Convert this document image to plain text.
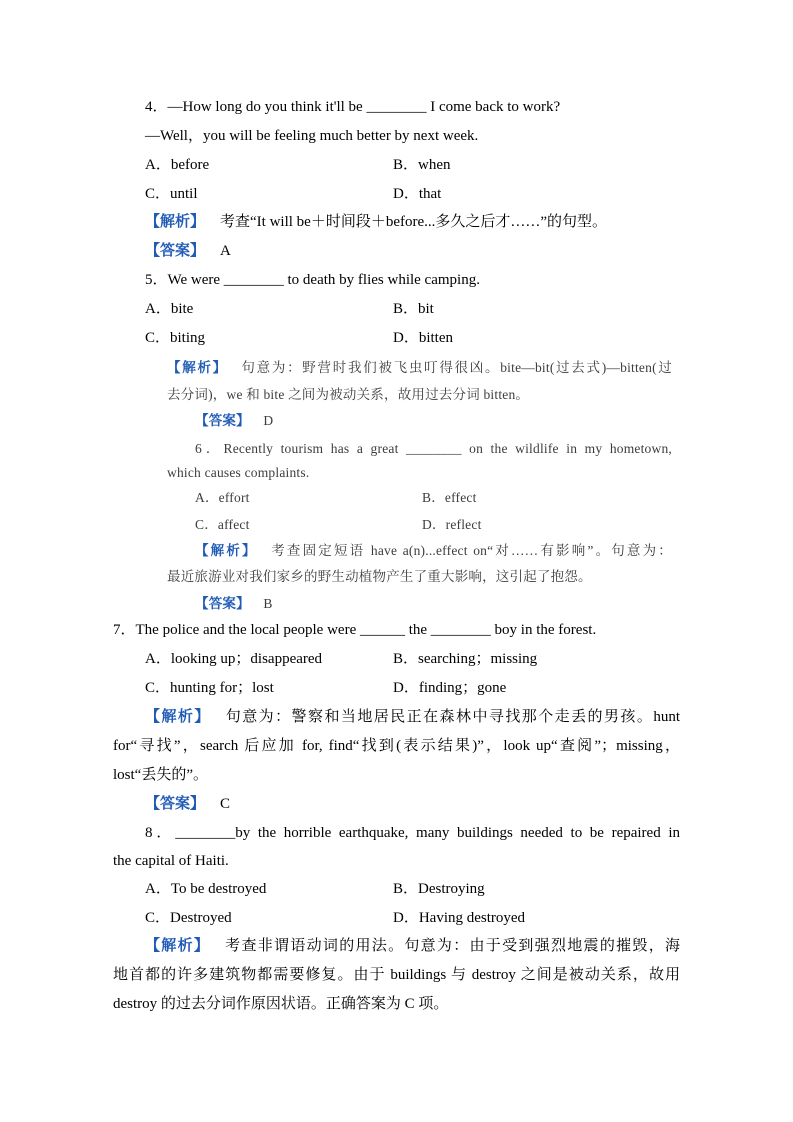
4．—How long do you think it'll be ________ I come back to work?
—Well，you will be feeling much better by next week.
A．before	B．when
C．until	D．that
【解析】 考查“It will be＋时间段＋before...多久之后才……”的句型。
【答案】 A
5．We were ________ to death by flies while camping.
A．bite	B．bit
C．biting	D．bitten
【解析】 句意为：野营时我们被飞虫叮得很凶。bite—bit(过去式)—bitten(过
去分词)，we 和 bite 之间为被动关系，故用过去分词 bitten。
【答案】 D
6．Recently tourism has a great ________ on the wildlife in my hometown,
which causes complaints.
A．effort	B．effect
C．affect	D．reflect
【解析】 考查固定短语 have a(n)...effect on“对……有影响”。句意为：
最近旅游业对我们家乡的野生动植物产生了重大影响，这引起了抱怨。
【答案】 B
7．The police and the local people were ______ the ________ boy in the forest.
A．looking up；disappeared	B．searching；missing
C．hunting for；lost	D．finding；gone
【解析】 句意为：警察和当地居民正在森林中寻找那个走丢的男孩。hunt
for“寻找”，search 后应加 for, find“找到(表示结果)”，look up“查阅”；missing，
lost“丢失的”。
【答案】 C
8．________by the horrible earthquake, many buildings needed to be repaired in
the capital of Haiti.
A．To be destroyed	B．Destroying
C．Destroyed	D．Having destroyed
【解析】 考查非谓语动词的用法。句意为：由于受到强烈地震的摧毁，海
地首都的许多建筑物都需要修复。由于 buildings 与 destroy 之间是被动关系，故用
destroy 的过去分词作原因状语。正确答案为 C 项。
